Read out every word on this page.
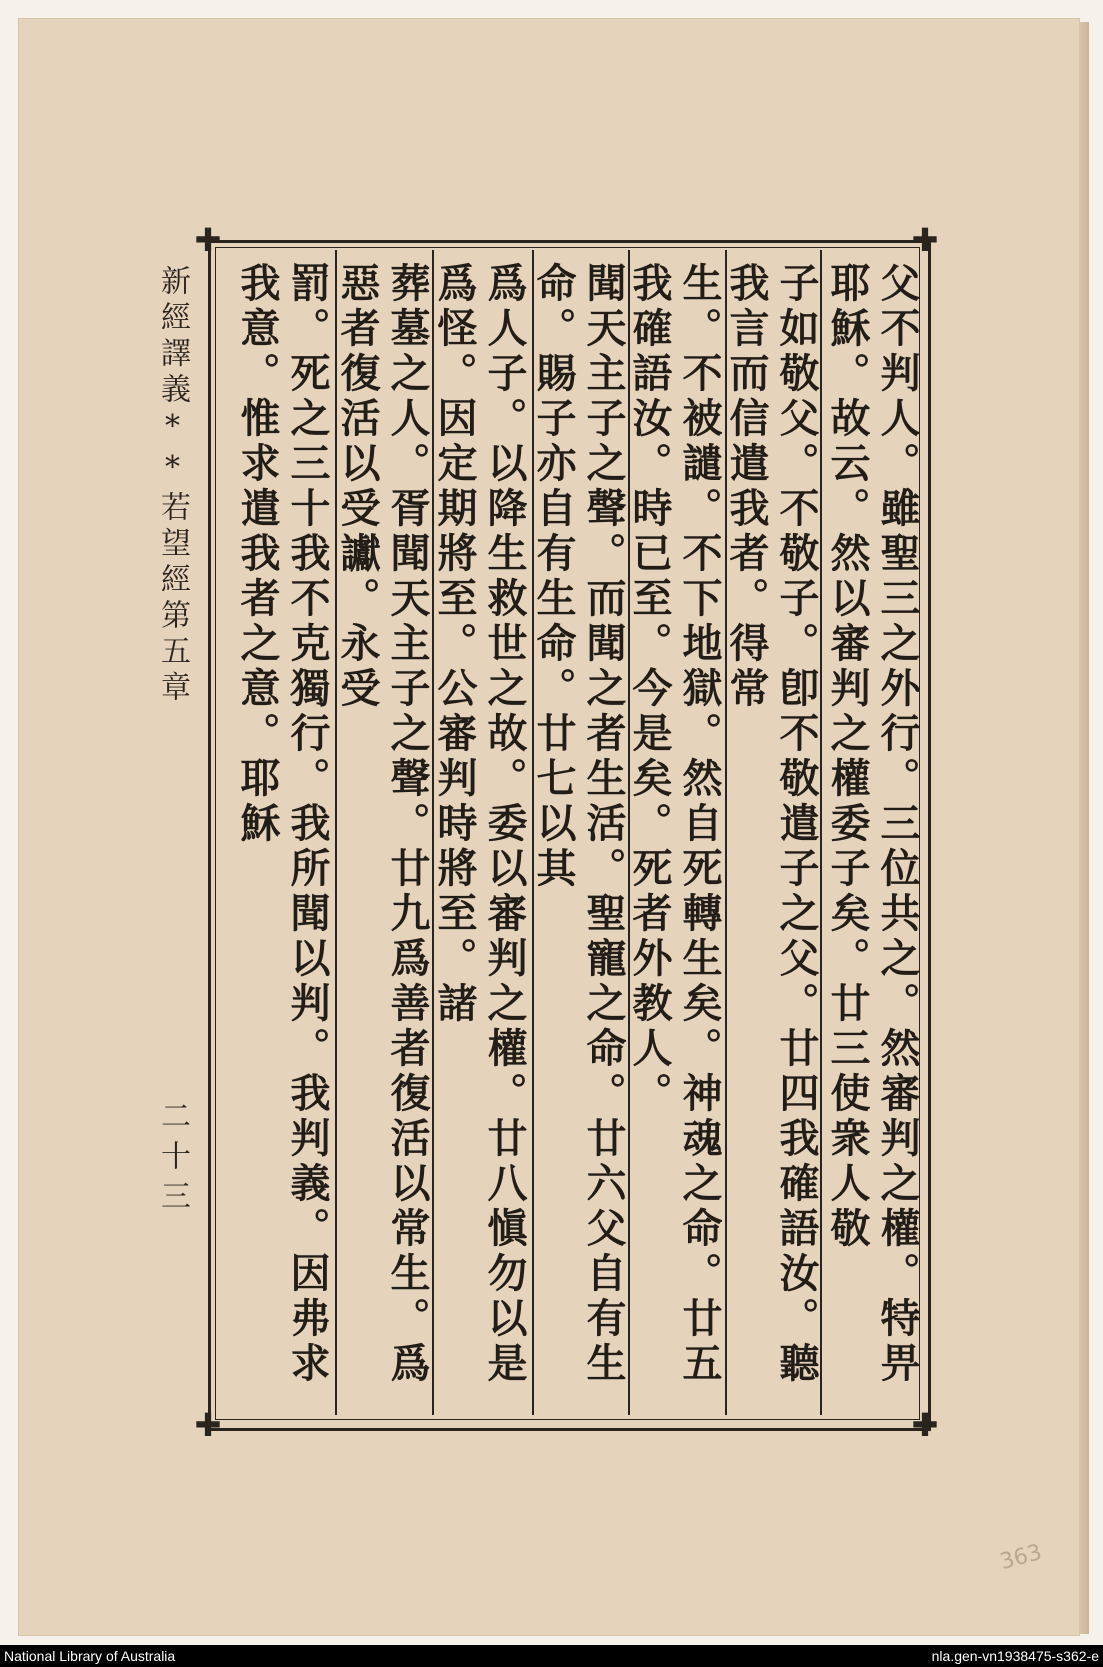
新經譯義**若望經第五章
二十三
✚	✚
✚	✚
父不判人。雖聖三之外行。三位共之。然審判之權。特畀耶穌。故云。然以審判之權委子矣。廿三使衆人敬
子如敬父。不敬子。卽不敬遣子之父。廿四我確語汝。聽我言而信遣我者。得常
生。不被譴。不下地獄。然自死轉生矣。神魂之命。廿五我確語汝。時已至。今是矣。死者外教人。
聞天主子之聲。而聞之者生活。聖寵之命。廿六父自有生命。賜子亦自有生命。廿七以其
爲人子。以降生救世之故。委以審判之權。廿八愼勿以是爲怪。因定期將至。公審判時將至。諸
葬墓之人。胥聞天主子之聲。廿九爲善者復活以常生。爲惡者復活以受讞。永受
罰。死之三十我不克獨行。我所聞以判。我判義。因弗求我意。惟求遣我者之意。耶穌
363
National Library of Australia	nla.gen-vn1938475-s362-e
